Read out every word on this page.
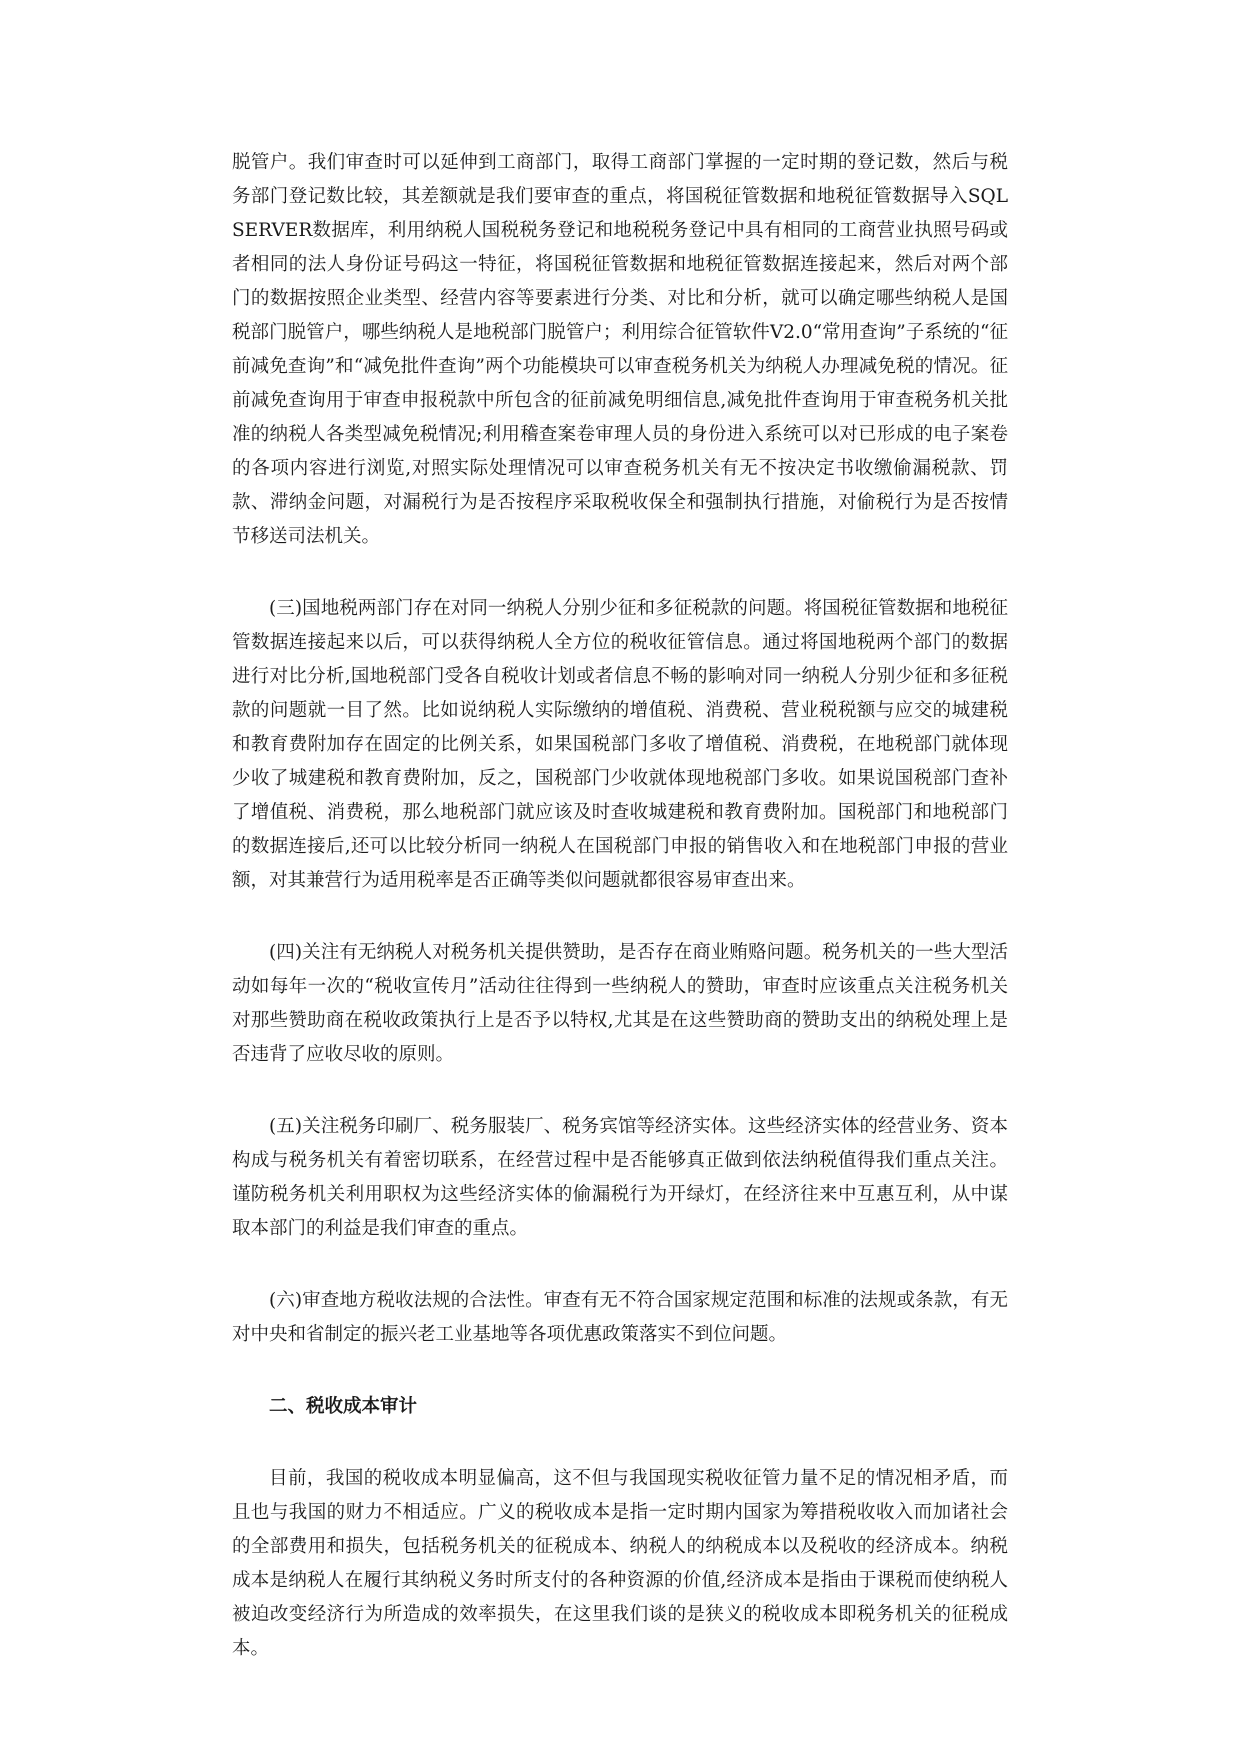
脱管户。我们审查时可以延伸到工商部门，取得工商部门掌握的一定时期的登记数，然后与税务部门登记数比较，其差额就是我们要审查的重点，将国税征管数据和地税征管数据导入SQL SERVER数据库，利用纳税人国税税务登记和地税税务登记中具有相同的工商营业执照号码或者相同的法人身份证号码这一特征，将国税征管数据和地税征管数据连接起来，然后对两个部门的数据按照企业类型、经营内容等要素进行分类、对比和分析，就可以确定哪些纳税人是国税部门脱管户，哪些纳税人是地税部门脱管户；利用综合征管软件V2.0“常用查询”子系统的“征前减免查询”和“减免批件查询”两个功能模块可以审查税务机关为纳税人办理减免税的情况。征前减免查询用于审查申报税款中所包含的征前减免明细信息,减免批件查询用于审查税务机关批准的纳税人各类型减免税情况;利用稽查案卷审理人员的身份进入系统可以对已形成的电子案卷的各项内容进行浏览,对照实际处理情况可以审查税务机关有无不按决定书收缴偷漏税款、罚款、滞纳金问题，对漏税行为是否按程序采取税收保全和强制执行措施，对偷税行为是否按情节移送司法机关。

(三)国地税两部门存在对同一纳税人分别少征和多征税款的问题。将国税征管数据和地税征管数据连接起来以后，可以获得纳税人全方位的税收征管信息。通过将国地税两个部门的数据进行对比分析,国地税部门受各自税收计划或者信息不畅的影响对同一纳税人分别少征和多征税款的问题就一目了然。比如说纳税人实际缴纳的增值税、消费税、营业税税额与应交的城建税和教育费附加存在固定的比例关系，如果国税部门多收了增值税、消费税，在地税部门就体现少收了城建税和教育费附加，反之，国税部门少收就体现地税部门多收。如果说国税部门查补了增值税、消费税，那么地税部门就应该及时查收城建税和教育费附加。国税部门和地税部门的数据连接后,还可以比较分析同一纳税人在国税部门申报的销售收入和在地税部门申报的营业额，对其兼营行为适用税率是否正确等类似问题就都很容易审查出来。

(四)关注有无纳税人对税务机关提供赞助，是否存在商业贿赂问题。税务机关的一些大型活动如每年一次的“税收宣传月”活动往往得到一些纳税人的赞助，审查时应该重点关注税务机关对那些赞助商在税收政策执行上是否予以特权,尤其是在这些赞助商的赞助支出的纳税处理上是否违背了应收尽收的原则。

(五)关注税务印刷厂、税务服装厂、税务宾馆等经济实体。这些经济实体的经营业务、资本构成与税务机关有着密切联系，在经营过程中是否能够真正做到依法纳税值得我们重点关注。谨防税务机关利用职权为这些经济实体的偷漏税行为开绿灯，在经济往来中互惠互利，从中谋取本部门的利益是我们审查的重点。

(六)审查地方税收法规的合法性。审查有无不符合国家规定范围和标准的法规或条款，有无对中央和省制定的振兴老工业基地等各项优惠政策落实不到位问题。

二、税收成本审计

目前，我国的税收成本明显偏高，这不但与我国现实税收征管力量不足的情况相矛盾，而且也与我国的财力不相适应。广义的税收成本是指一定时期内国家为筹措税收收入而加诸社会的全部费用和损失，包括税务机关的征税成本、纳税人的纳税成本以及税收的经济成本。纳税成本是纳税人在履行其纳税义务时所支付的各种资源的价值,经济成本是指由于课税而使纳税人被迫改变经济行为所造成的效率损失，在这里我们谈的是狭义的税收成本即税务机关的征税成本。
